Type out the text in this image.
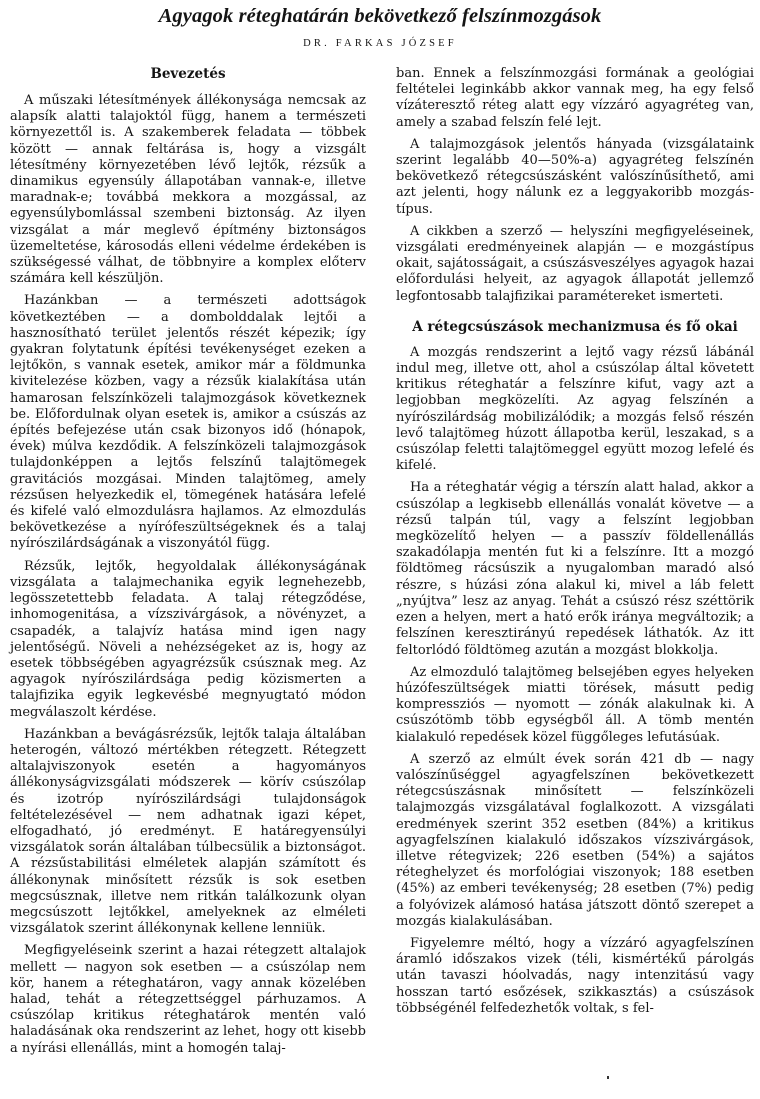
Agyagok réteghatárán bekövetkező felszínmozgások
DR. FARKAS JÓZSEF
Bevezetés

A műszaki létesítmények állékonysága nemcsak az alapsík alatti talajoktól függ, hanem a természeti környezettől is. A szakemberek feladata — többek között — annak feltárása is, hogy a vizsgált létesítmény környezetében lévő lejtők, rézsűk a dinamikus egyensúly állapotában vannak-e, illetve maradnak-e; továbbá mekkora a mozgással, az egyensúlybomlással szembeni biztonság. Az ilyen vizsgálat a már meglevő építmény biztonságos üzemeltetése, károsodás elleni védelme érdekében is szükségessé válhat, de többnyire a komplex előterv számára kell készüljön.

Hazánkban — a természeti adottságok következtében — a dombolddalak lejtői a hasznosítható terület jelentős részét képezik; így gyakran folytatunk építési tevékenységet ezeken a lejtőkön, s vannak esetek, amikor már a földmunka kivitelezése közben, vagy a rézsűk kialakítása után hamarosan felszínközeli talajmozgások következnek be. Előfordulnak olyan esetek is, amikor a csúszás az építés befejezése után csak bizonyos idő (hónapok, évek) múlva kezdődik. A felszínközeli talajmozgások tulajdonképpen a lejtős felszínű talajtömegek gravitációs mozgásai. Minden talajtömeg, amely rézsűsen helyezkedik el, tömegének hatására lefelé és kifelé való elmozdulásra hajlamos. Az elmozdulás bekövetkezése a nyírófeszültségeknek és a talaj nyírószilárdságának a viszonyától függ.

Rézsűk, lejtők, hegyoldalak állékonyságának vizsgálata a talajmechanika egyik legnehezebb, legösszetettebb feladata. A talaj rétegződése, inhomogenitása, a vízszivárgások, a növényzet, a csapadék, a talajvíz hatása mind igen nagy jelentőségű. Növeli a nehézségeket az is, hogy az esetek többségében agyagrézsűk csúsznak meg. Az agyagok nyírószilárdsága pedig közismerten a talajfizika egyik legkevésbé megnyugtató módon megválaszolt kérdése.

Hazánkban a bevágásrézsűk, lejtők talaja általában heterogén, változó mértékben rétegzett. Rétegzett altalajviszonyok esetén a hagyományos állékonyságvizsgálati módszerek — körív csúszólap és izotróp nyírószilárdsági tulajdonságok feltételezésével — nem adhatnak igazi képet, elfogadható, jó eredményt. E határegyensúlyi vizsgálatok során általában túlbecsülik a biztonságot. A rézsűstabilitási elméletek alapján számított és állékonynak minősített rézsűk is sok esetben megcsúsznak, illetve nem ritkán találkozunk olyan megcsúszott lejtőkkel, amelyeknek az elméleti vizsgálatok szerint állékonynak kellene lenniük.

Megfigyeléseink szerint a hazai rétegzett altalajok mellett — nagyon sok esetben — a csúszólap nem kör, hanem a réteghatáron, vagy annak közelében halad, tehát a rétegzettséggel párhuzamos. A csúszólap kritikus réteghatárok mentén való haladásának oka rendszerint az lehet, hogy ott kisebb a nyírási ellenállás, mint a homogén talaj-

ban. Ennek a felszínmozgási formának a geológiai feltételei leginkább akkor vannak meg, ha egy felső vízáteresztő réteg alatt egy vízzáró agyagréteg van, amely a szabad felszín felé lejt.

A talajmozgások jelentős hányada (vizsgálataink szerint legalább 40—50%-a) agyagréteg felszínén bekövetkező rétegcsúszásként valószínűsíthető, ami azt jelenti, hogy nálunk ez a leggyakoribb mozgás-típus.

A cikkben a szerző — helyszíni megfigyeléseinek, vizsgálati eredményeinek alapján — e mozgástípus okait, sajátosságait, a csúszásveszélyes agyagok hazai előfordulási helyeit, az agyagok állapotát jellemző legfontosabb talajfizikai paramétereket ismerteti.

A rétegcsúszások mechanizmusa és fő okai

A mozgás rendszerint a lejtő vagy rézsű lábánál indul meg, illetve ott, ahol a csúszólap által követett kritikus réteghatár a felszínre kifut, vagy azt a legjobban megközelíti. Az agyag felszínén a nyírószilárdság mobilizálódik; a mozgás felső részén levő talajtömeg húzott állapotba kerül, leszakad, s a csúszólap feletti talajtömeggel együtt mozog lefelé és kifelé.

Ha a réteghatár végig a térszín alatt halad, akkor a csúszólap a legkisebb ellenállás vonalát követve — a rézsű talpán túl, vagy a felszínt legjobban megközelítő helyen — a passzív földellenállás szakadólapja mentén fut ki a felszínre. Itt a mozgó földtömeg rácsúszik a nyugalomban maradó alsó részre, s húzási zóna alakul ki, mivel a láb felett „nyújtva” lesz az anyag. Tehát a csúszó rész széttörik ezen a helyen, mert a ható erők iránya megváltozik; a felszínen keresztirányú repedések láthatók. Az itt feltorlódó földtömeg azután a mozgást blokkolja.

Az elmozduló talajtömeg belsejében egyes helyeken húzófeszültségek miatti törések, másutt pedig kompressziós — nyomott — zónák alakulnak ki. A csúszótömb több egységből áll. A tömb mentén kialakuló repedések közel függőleges lefutásúak.

A szerző az elmúlt évek során 421 db — nagy valószínűséggel agyagfelszínen bekövetkezett rétegcsúszásnak minősített — felszínközeli talajmozgás vizsgálatával foglalkozott. A vizsgálati eredmények szerint 352 esetben (84%) a kritikus agyagfelszínen kialakuló időszakos vízszivárgások, illetve rétegvizek; 226 esetben (54%) a sajátos réteghelyzet és morfológiai viszonyok; 188 esetben (45%) az emberi tevékenység; 28 esetben (7%) pedig a folyóvizek alámosó hatása játszott döntő szerepet a mozgás kialakulásában.

Figyelemre méltó, hogy a vízzáró agyagfelszínen áramló időszakos vizek (téli, kismértékű párolgás után tavaszi hóolvadás, nagy intenzitású vagy hosszan tartó esőzések, szikkasztás) a csúszások többségénél felfedezhetők voltak, s fel-
